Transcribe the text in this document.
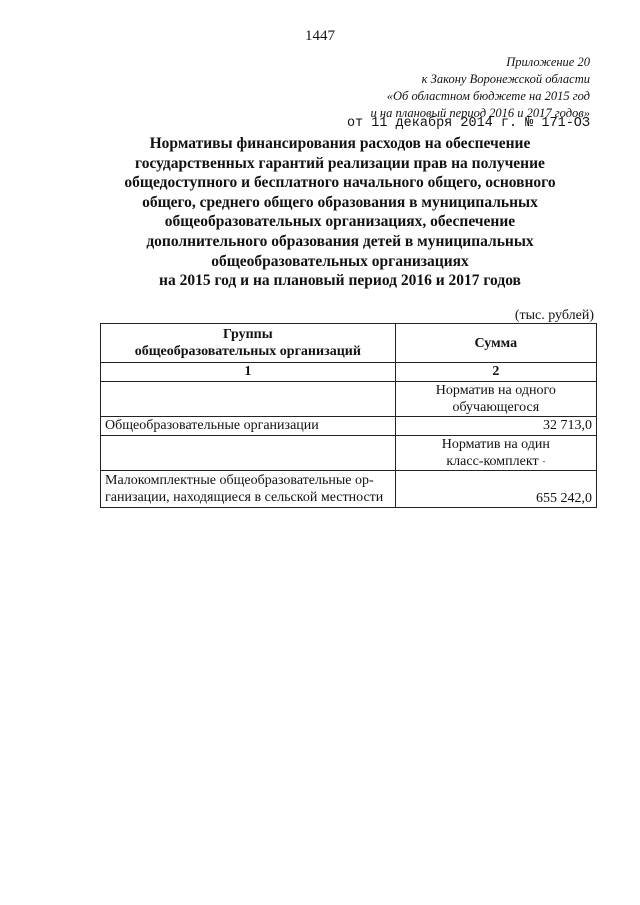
1447
Приложение 20
к Закону Воронежской области
«Об областном бюджете на 2015 год
и на плановый период 2016 и 2017 годов»
от 11 декабря 2014 г. № 171-ОЗ
Нормативы финансирования расходов на обеспечение
государственных гарантий реализации прав на получение
общедоступного и бесплатного начального общего, основного
общего, среднего общего образования в муниципальных
общеобразовательных организациях, обеспечение
дополнительного образования детей в муниципальных
общеобразовательных организациях
на 2015 год и на плановый период 2016 и 2017 годов
(тыс. рублей)
Группы
общеобразовательных организаций	Сумма
1	2

	Норматив на одного
обучающегося

Общеобразовательные организации	32 713,0

	Норматив на один
класс-комплект -

Малокомплектные общеобразовательные ор-
ганизации, находящиеся в сельской местности	655 242,0
